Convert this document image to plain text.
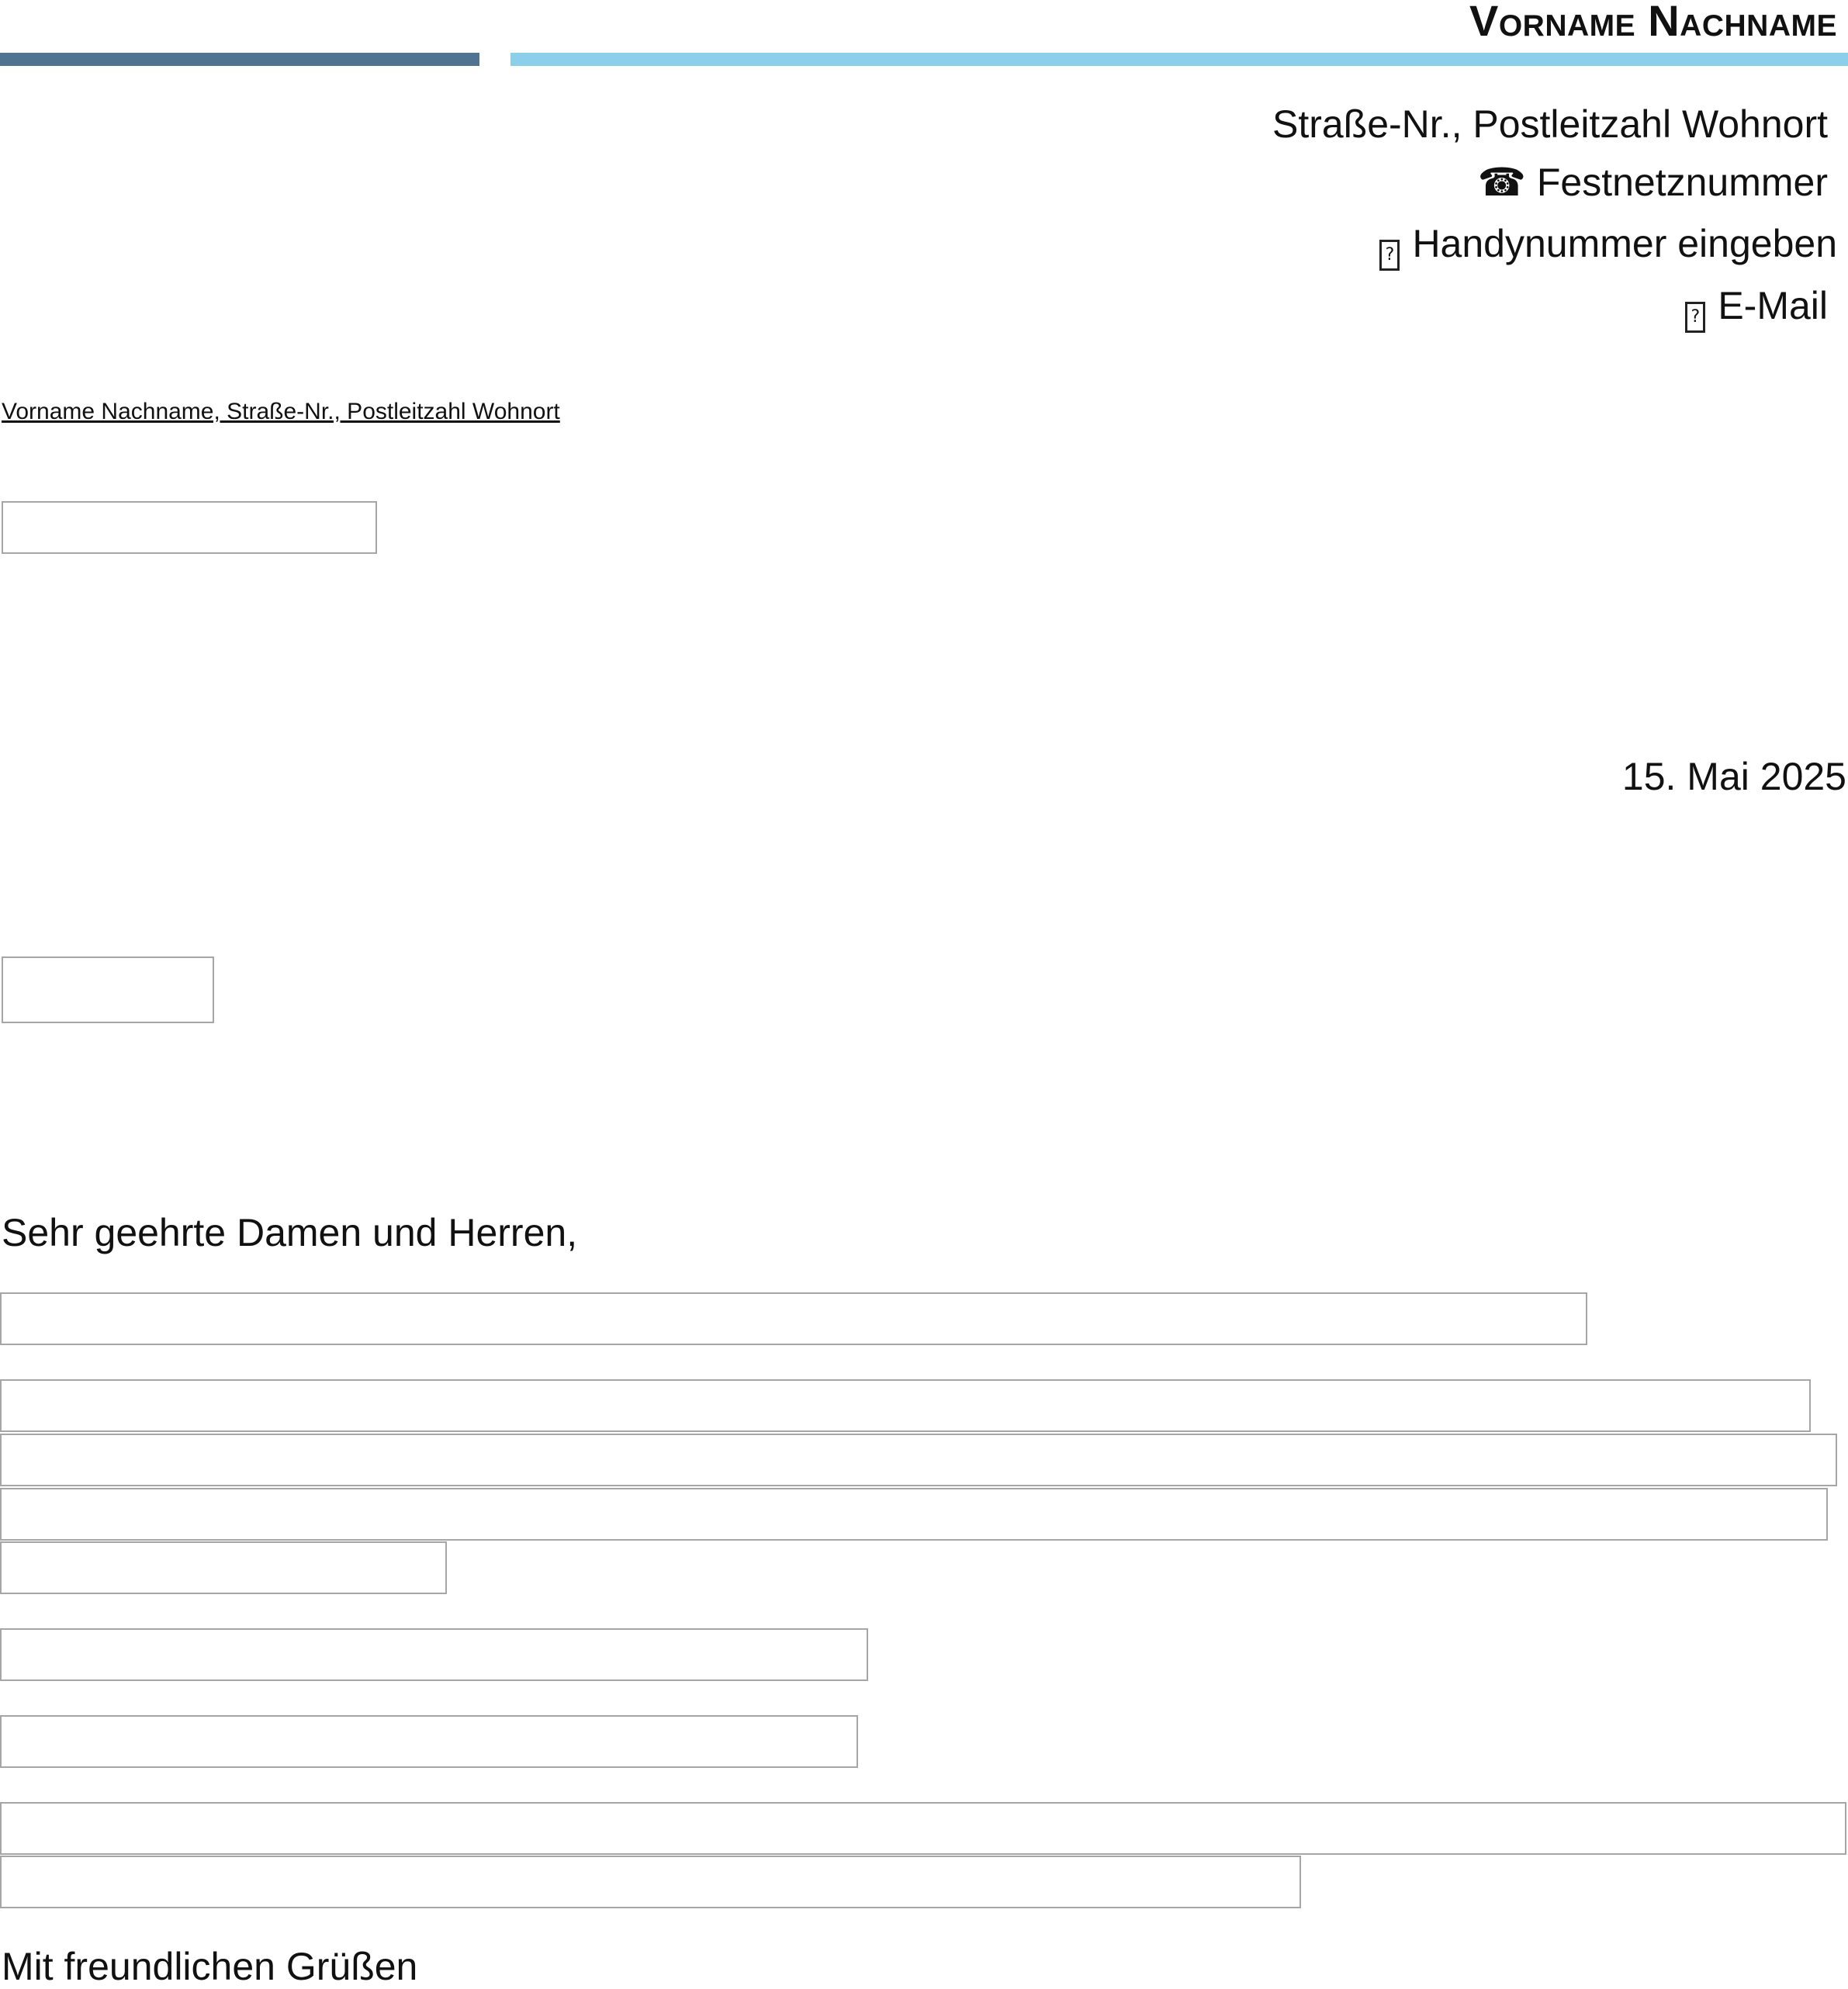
Vorname Nachname
Straße-Nr., Postleitzahl Wohnort
☎ Festnetznummer
? Handynummer eingeben
? E-Mail
Vorname Nachname, Straße-Nr., Postleitzahl Wohnort
15. Mai 2025
Sehr geehrte Damen und Herren,
Mit freundlichen Grüßen
